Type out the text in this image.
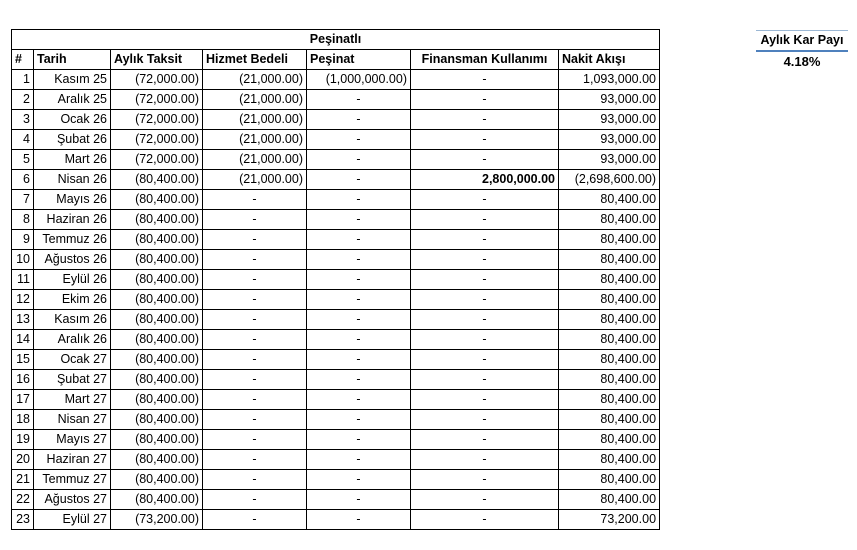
Peşinatlı						
#	Tarih	Aylık Taksit	Hizmet Bedeli	Peşinat	Finansman Kullanımı	Nakit Akışı
1	Kasım 25	(72,000.00)	(21,000.00)	(1,000,000.00)	-	1,093,000.00
2	Aralık 25	(72,000.00)	(21,000.00)	-	-	93,000.00
3	Ocak 26	(72,000.00)	(21,000.00)	-	-	93,000.00
4	Şubat 26	(72,000.00)	(21,000.00)	-	-	93,000.00
5	Mart 26	(72,000.00)	(21,000.00)	-	-	93,000.00
6	Nisan 26	(80,400.00)	(21,000.00)	-	2,800,000.00	(2,698,600.00)
7	Mayıs 26	(80,400.00)	-	-	-	80,400.00
8	Haziran 26	(80,400.00)	-	-	-	80,400.00
9	Temmuz 26	(80,400.00)	-	-	-	80,400.00
10	Ağustos 26	(80,400.00)	-	-	-	80,400.00
11	Eylül 26	(80,400.00)	-	-	-	80,400.00
12	Ekim 26	(80,400.00)	-	-	-	80,400.00
13	Kasım 26	(80,400.00)	-	-	-	80,400.00
14	Aralık 26	(80,400.00)	-	-	-	80,400.00
15	Ocak 27	(80,400.00)	-	-	-	80,400.00
16	Şubat 27	(80,400.00)	-	-	-	80,400.00
17	Mart 27	(80,400.00)	-	-	-	80,400.00
18	Nisan 27	(80,400.00)	-	-	-	80,400.00
19	Mayıs 27	(80,400.00)	-	-	-	80,400.00
20	Haziran 27	(80,400.00)	-	-	-	80,400.00
21	Temmuz 27	(80,400.00)	-	-	-	80,400.00
22	Ağustos 27	(80,400.00)	-	-	-	80,400.00
23	Eylül 27	(73,200.00)	-	-	-	73,200.00
Aylık Kar Payı
4.18%
